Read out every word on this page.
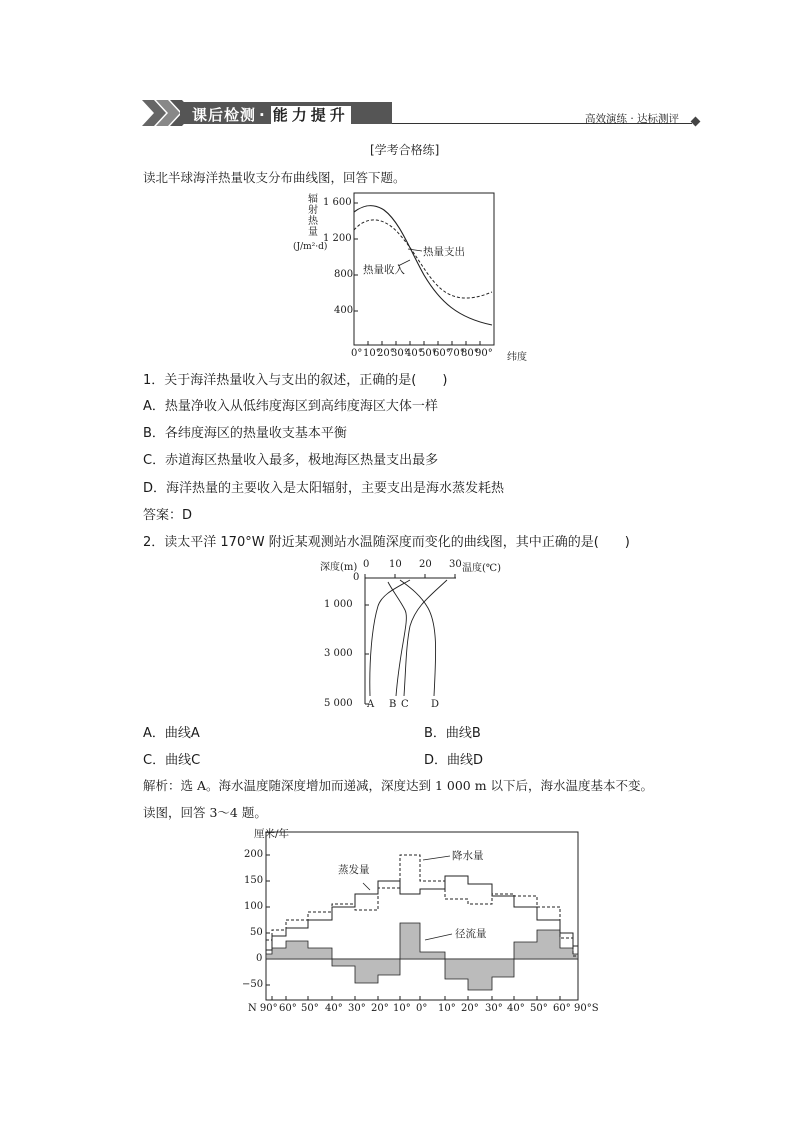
课后检测 · 能力提升	高效演练 · 达标测评
[学考合格练]
读北半球海洋热量收支分布曲线图，回答下题。
辐
射
热
量
(J/m²·d)
1 600
1 200
800
400
0° 10°
20°
30°
40°
50°
60°
70°
80°
90° 纬度
热量支出
热量收入
1．关于海洋热量收入与支出的叙述，正确的是(　　)
A．热量净收入从低纬度海区到高纬度海区大体一样
B．各纬度海区的热量收支基本平衡
C．赤道海区热量收入最多，极地海区热量支出最多
D．海洋热量的主要收入是太阳辐射，主要支出是海水蒸发耗热
答案：D
2．读太平洋 170°W 附近某观测站水温随深度而变化的曲线图，其中正确的是(　　)
深度(m) 0 10 20 30 温度(℃)
0
1 000
3 000
5 000 A B C D
A．曲线A	B．曲线B
C．曲线C	D．曲线D
解析：选 A。海水温度随深度增加而递减，深度达到 1 000 m 以下后，海水温度基本不变。
读图，回答 3～4 题。
厘米/年
200
150
100
50
0
−50
N 90° 60° 50° 40° 30° 20° 10° 0° 10° 20° 30° 40° 50° 60° 90°S
降水量
蒸发量
径流量
